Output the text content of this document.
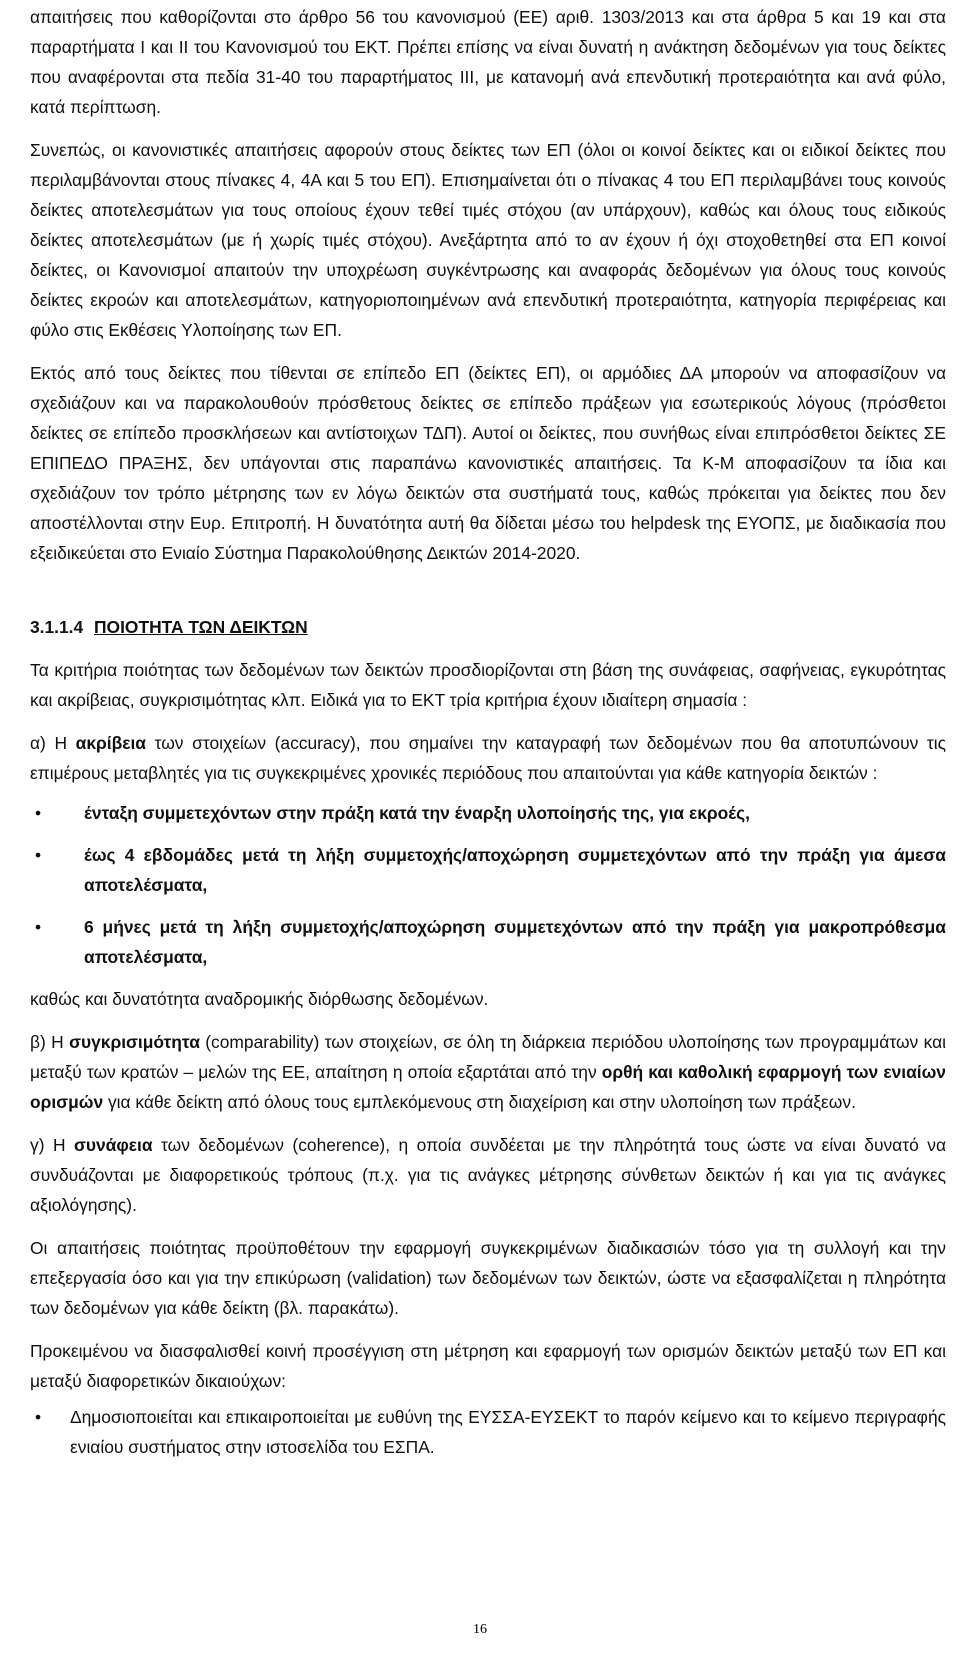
απαιτήσεις που καθορίζονται στο άρθρο 56 του κανονισμού (ΕΕ) αριθ. 1303/2013 και στα άρθρα 5 και 19 και στα παραρτήματα Ι και ΙΙ του Κανονισμού του ΕΚΤ. Πρέπει επίσης να είναι δυνατή η ανάκτηση δεδομένων για τους δείκτες που αναφέρονται στα πεδία 31-40 του παραρτήματος ΙΙΙ, με κατανομή ανά επενδυτική προτεραιότητα και ανά φύλο, κατά περίπτωση.

Συνεπώς, οι κανονιστικές απαιτήσεις αφορούν στους δείκτες των ΕΠ (όλοι οι κοινοί δείκτες και οι ειδικοί δείκτες που περιλαμβάνονται στους πίνακες 4, 4Α και 5 του ΕΠ). Επισημαίνεται ότι ο πίνακας 4 του ΕΠ περιλαμβάνει τους κοινούς δείκτες αποτελεσμάτων για τους οποίους έχουν τεθεί τιμές στόχου (αν υπάρχουν), καθώς και όλους τους ειδικούς δείκτες αποτελεσμάτων (με ή χωρίς τιμές στόχου). Ανεξάρτητα από το αν έχουν ή όχι στοχοθετηθεί στα ΕΠ κοινοί δείκτες, οι Κανονισμοί απαιτούν την υποχρέωση συγκέντρωσης και αναφοράς δεδομένων για όλους τους κοινούς δείκτες εκροών και αποτελεσμάτων, κατηγοριοποιημένων ανά επενδυτική προτεραιότητα, κατηγορία περιφέρειας και φύλο στις Εκθέσεις Υλοποίησης των ΕΠ.

Εκτός από τους δείκτες που τίθενται σε επίπεδο ΕΠ (δείκτες ΕΠ), οι αρμόδιες ΔΑ μπορούν να αποφασίζουν να σχεδιάζουν και να παρακολουθούν πρόσθετους δείκτες σε επίπεδο πράξεων για εσωτερικούς λόγους (πρόσθετοι δείκτες σε επίπεδο προσκλήσεων και αντίστοιχων ΤΔΠ). Αυτοί οι δείκτες, που συνήθως είναι επιπρόσθετοι δείκτες ΣΕ ΕΠΙΠΕΔΟ ΠΡΑΞΗΣ, δεν υπάγονται στις παραπάνω κανονιστικές απαιτήσεις. Τα Κ-Μ αποφασίζουν τα ίδια και σχεδιάζουν τον τρόπο μέτρησης των εν λόγω δεικτών στα συστήματά τους, καθώς πρόκειται για δείκτες που δεν αποστέλλονται στην Ευρ. Επιτροπή. Η δυνατότητα αυτή θα δίδεται μέσω του helpdesk της ΕΥΟΠΣ, με διαδικασία που εξειδικεύεται στο Ενιαίο Σύστημα Παρακολούθησης Δεικτών 2014-2020.

3.1.1.4 ΠΟΙΟΤΗΤΑ ΤΩΝ ΔΕΙΚΤΩΝ

Τα κριτήρια ποιότητας των δεδομένων των δεικτών προσδιορίζονται στη βάση της συνάφειας, σαφήνειας, εγκυρότητας και ακρίβειας, συγκρισιμότητας κλπ. Ειδικά για το ΕΚΤ τρία κριτήρια έχουν ιδιαίτερη σημασία :

α) Η ακρίβεια των στοιχείων (accuracy), που σημαίνει την καταγραφή των δεδομένων που θα αποτυπώνουν τις επιμέρους μεταβλητές για τις συγκεκριμένες χρονικές περιόδους που απαιτούνται για κάθε κατηγορία δεικτών :

• ένταξη συμμετεχόντων στην πράξη κατά την έναρξη υλοποίησής της, για εκροές,
• έως 4 εβδομάδες μετά τη λήξη συμμετοχής/αποχώρηση συμμετεχόντων από την πράξη για άμεσα αποτελέσματα,
• 6 μήνες μετά τη λήξη συμμετοχής/αποχώρηση συμμετεχόντων από την πράξη για μακροπρόθεσμα αποτελέσματα,

καθώς και δυνατότητα αναδρομικής διόρθωσης δεδομένων.

β) Η συγκρισιμότητα (comparability) των στοιχείων, σε όλη τη διάρκεια περιόδου υλοποίησης των προγραμμάτων και μεταξύ των κρατών – μελών της ΕΕ, απαίτηση η οποία εξαρτάται από την ορθή και καθολική εφαρμογή των ενιαίων ορισμών για κάθε δείκτη από όλους τους εμπλεκόμενους στη διαχείριση και στην υλοποίηση των πράξεων.

γ) Η συνάφεια των δεδομένων (coherence), η οποία συνδέεται με την πληρότητά τους ώστε να είναι δυνατό να συνδυάζονται με διαφορετικούς τρόπους (π.χ. για τις ανάγκες μέτρησης σύνθετων δεικτών ή και για τις ανάγκες αξιολόγησης).

Οι απαιτήσεις ποιότητας προϋποθέτουν την εφαρμογή συγκεκριμένων διαδικασιών τόσο για τη συλλογή και την επεξεργασία όσο και για την επικύρωση (validation) των δεδομένων των δεικτών, ώστε να εξασφαλίζεται η πληρότητα των δεδομένων για κάθε δείκτη (βλ. παρακάτω).

Προκειμένου να διασφαλισθεί κοινή προσέγγιση στη μέτρηση και εφαρμογή των ορισμών δεικτών μεταξύ των ΕΠ και μεταξύ διαφορετικών δικαιούχων:

• Δημοσιοποιείται και επικαιροποιείται με ευθύνη της ΕΥΣΣΑ-ΕΥΣΕΚΤ το παρόν κείμενο και το κείμενο περιγραφής ενιαίου συστήματος στην ιστοσελίδα του ΕΣΠΑ.
16
